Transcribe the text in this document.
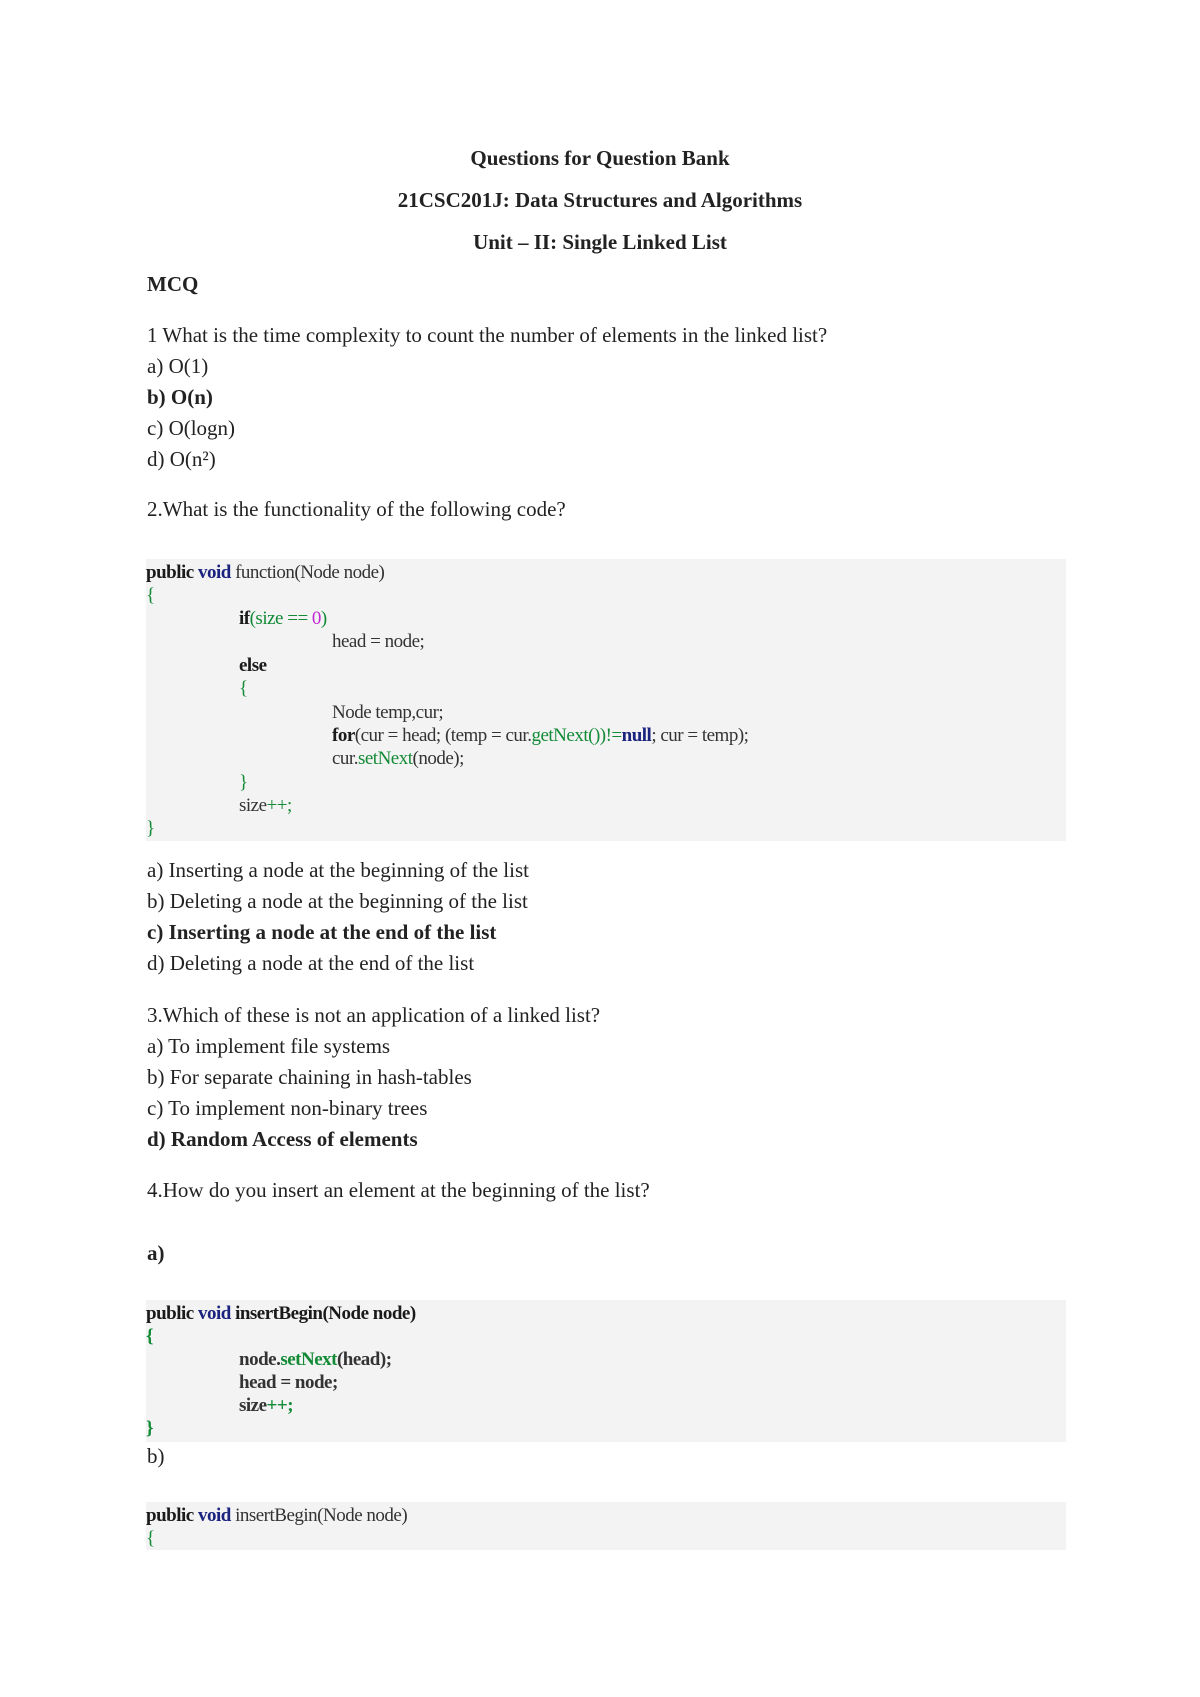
Questions for Question Bank
21CSC201J: Data Structures and Algorithms
Unit – II: Single Linked List
MCQ
1 What is the time complexity to count the number of elements in the linked list?
a) O(1)
b) O(n)
c) O(logn)
d) O(n²)
2.What is the functionality of the following code?
public void function(Node node)
{
if(size == 0)
head = node;
else
{
Node temp,cur;
for(cur = head; (temp = cur.getNext())!=null; cur = temp);
cur.setNext(node);
}
size++;
}
a) Inserting a node at the beginning of the list
b) Deleting a node at the beginning of the list
c) Inserting a node at the end of the list
d) Deleting a node at the end of the list
3.Which of these is not an application of a linked list?
a) To implement file systems
b) For separate chaining in hash-tables
c) To implement non-binary trees
d) Random Access of elements
4.How do you insert an element at the beginning of the list?
a)
public void insertBegin(Node node)
{
node.setNext(head);
head = node;
size++;
}
b)
public void insertBegin(Node node)
{
